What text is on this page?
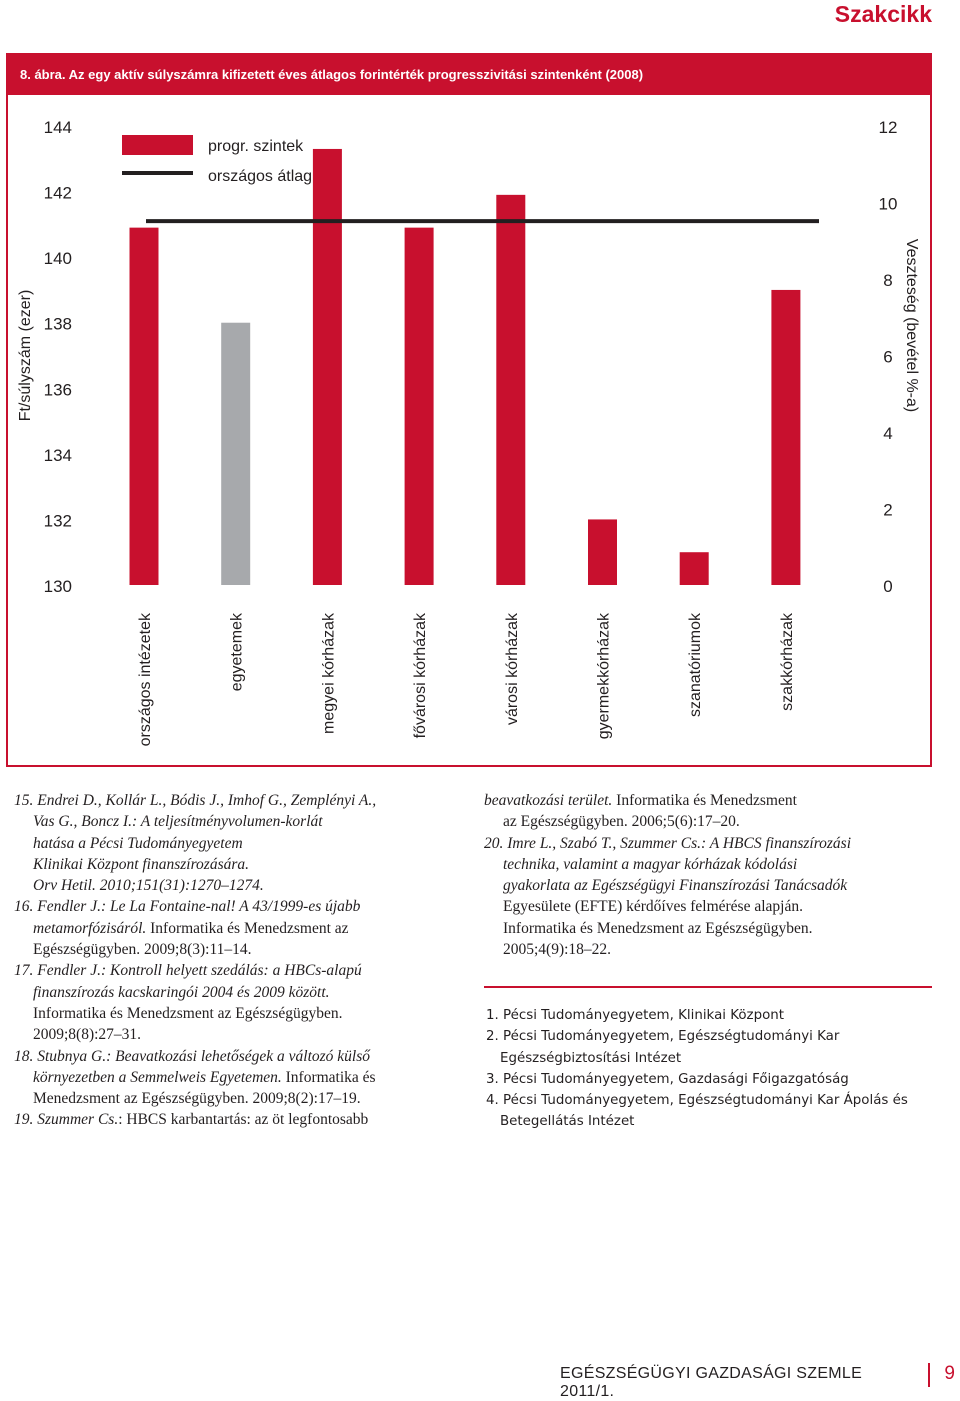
Szakcikk
8. ábra. Az egy aktív súlyszámra kifizetett éves átlagos forintérték progresszivitási szintenként (2008)
130
132
134
136
138
140
142
144
0
2
4
6
8
10
12
Ft/súlyszám (ezer)	Veszteség (bevétel %-a)
országos intézetek	egyetemek	megyei kórházak	fővárosi kórházak	városi kórházak	gyermekkórházak	szanatóriumok	szakkórházak
progr. szintek
országos átlag

15. Endrei D., Kollár L., Bódis J., Imhof G., Zemplényi A.,

Vas G., Boncz I.: A teljesítményvolumen-korlát

hatása a Pécsi Tudományegyetem

Klinikai Központ finanszírozására.

Orv Hetil. 2010;151(31):1270–1274.

16. Fendler J.: Le La Fontaine-nal! A 43/1999-es újabb

metamorfózisáról. Informatika és Menedzsment az

Egészségügyben. 2009;8(3):11–14.

17. Fendler J.: Kontroll helyett szedálás: a HBCs-alapú

finanszírozás kacskaringói 2004 és 2009 között.

Informatika és Menedzsment az Egészségügyben.

2009;8(8):27–31.

18. Stubnya G.: Beavatkozási lehetőségek a változó külső

környezetben a Semmelweis Egyetemen. Informatika és

Menedzsment az Egészségügyben. 2009;8(2):17–19.

19. Szummer Cs.: HBCS karbantartás: az öt legfontosabb

beavatkozási terület. Informatika és Menedzsment

az Egészségügyben. 2006;5(6):17–20.

20. Imre L., Szabó T., Szummer Cs.: A HBCS finanszírozási

technika, valamint a magyar kórházak kódolási

gyakorlata az Egészségügyi Finanszírozási Tanácsadók

Egyesülete (EFTE) kérdőíves felmérése alapján.

Informatika és Menedzsment az Egészségügyben.

2005;4(9):18–22.

1. Pécsi Tudományegyetem, Klinikai Központ

2. Pécsi Tudományegyetem, Egészségtudományi Kar

Egészségbiztosítási Intézet

3. Pécsi Tudományegyetem, Gazdasági Főigazgatóság

4. Pécsi Tudományegyetem, Egészségtudományi Kar Ápolás és

Betegellátás Intézet

EGÉSZSÉGÜGYI GAZDASÁGI SZEMLE 2011/1.
9
